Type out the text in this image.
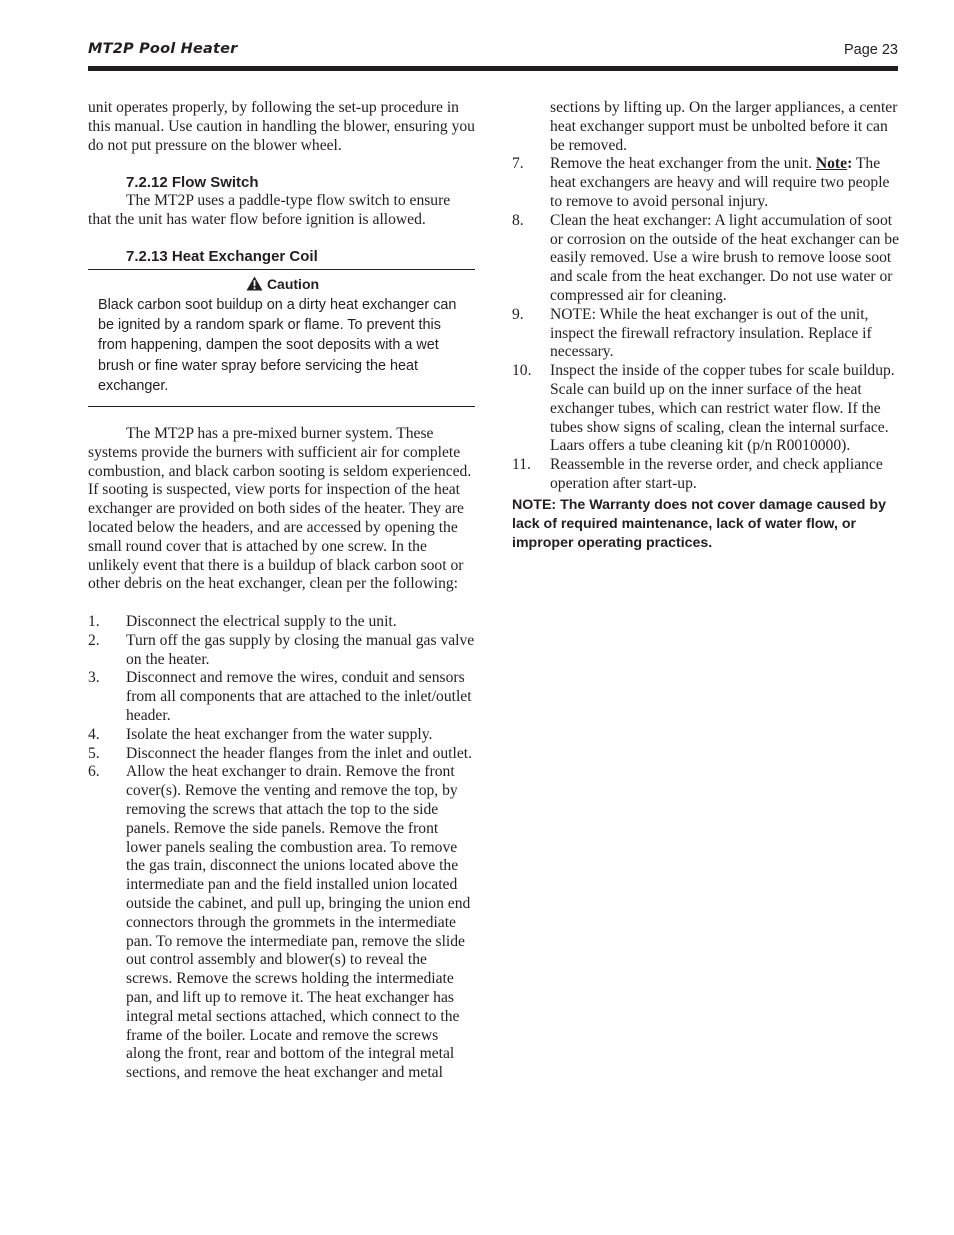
MT2P Pool Heater	Page 23

unit operates properly, by following the set-up procedure in this manual. Use caution in handling the blower, ensuring you do not put pressure on the blower wheel.

7.2.12 Flow Switch

The MT2P uses a paddle-type flow switch to ensure that the unit has water flow before ignition is allowed.

7.2.13 Heat Exchanger Coil

Caution

Black carbon soot buildup on a dirty heat exchanger can be ignited by a random spark or flame. To prevent this from happening, dampen the soot deposits with a wet brush or fine water spray before servicing the heat exchanger.

The MT2P has a pre-mixed burner system. These systems provide the burners with sufficient air for complete combustion, and black carbon sooting is seldom experienced. If sooting is suspected, view ports for inspection of the heat exchanger are provided on both sides of the heater. They are located below the headers, and are accessed by opening the small round cover that is attached by one screw. In the unlikely event that there is a buildup of black carbon soot or other debris on the heat exchanger, clean per the following:

1. Disconnect the electrical supply to the unit.
2. Turn off the gas supply by closing the manual gas valve on the heater.
3. Disconnect and remove the wires, conduit and sensors from all components that are attached to the inlet/outlet header.
4. Isolate the heat exchanger from the water supply.
5. Disconnect the header flanges from the inlet and outlet.
6. Allow the heat exchanger to drain. Remove the front cover(s). Remove the venting and remove the top, by removing the screws that attach the top to the side panels. Remove the side panels. Remove the front lower panels sealing the combustion area. To remove the gas train, disconnect the unions located above the intermediate pan and the field installed union located outside the cabinet, and pull up, bringing the union end connectors through the grommets in the intermediate pan. To remove the intermediate pan, remove the slide out control assembly and blower(s) to reveal the screws. Remove the screws holding the intermediate pan, and lift up to remove it. The heat exchanger has integral metal sections attached, which connect to the frame of the boiler. Locate and remove the screws along the front, rear and bottom of the integral metal sections, and remove the heat exchanger and metal

sections by lifting up. On the larger appliances, a center heat exchanger support must be unbolted before it can be removed.

7. Remove the heat exchanger from the unit. Note: The heat exchangers are heavy and will require two people to remove to avoid personal injury.
8. Clean the heat exchanger: A light accumulation of soot or corrosion on the outside of the heat exchanger can be easily removed. Use a wire brush to remove loose soot and scale from the heat exchanger. Do not use water or compressed air for cleaning.
9. NOTE: While the heat exchanger is out of the unit, inspect the firewall refractory insulation. Replace if necessary.
10. Inspect the inside of the copper tubes for scale buildup. Scale can build up on the inner surface of the heat exchanger tubes, which can restrict water flow. If the tubes show signs of scaling, clean the internal surface. Laars offers a tube cleaning kit (p/n R0010000).
11. Reassemble in the reverse order, and check appliance operation after start-up.

NOTE: The Warranty does not cover damage caused by lack of required maintenance, lack of water flow, or improper operating practices.
